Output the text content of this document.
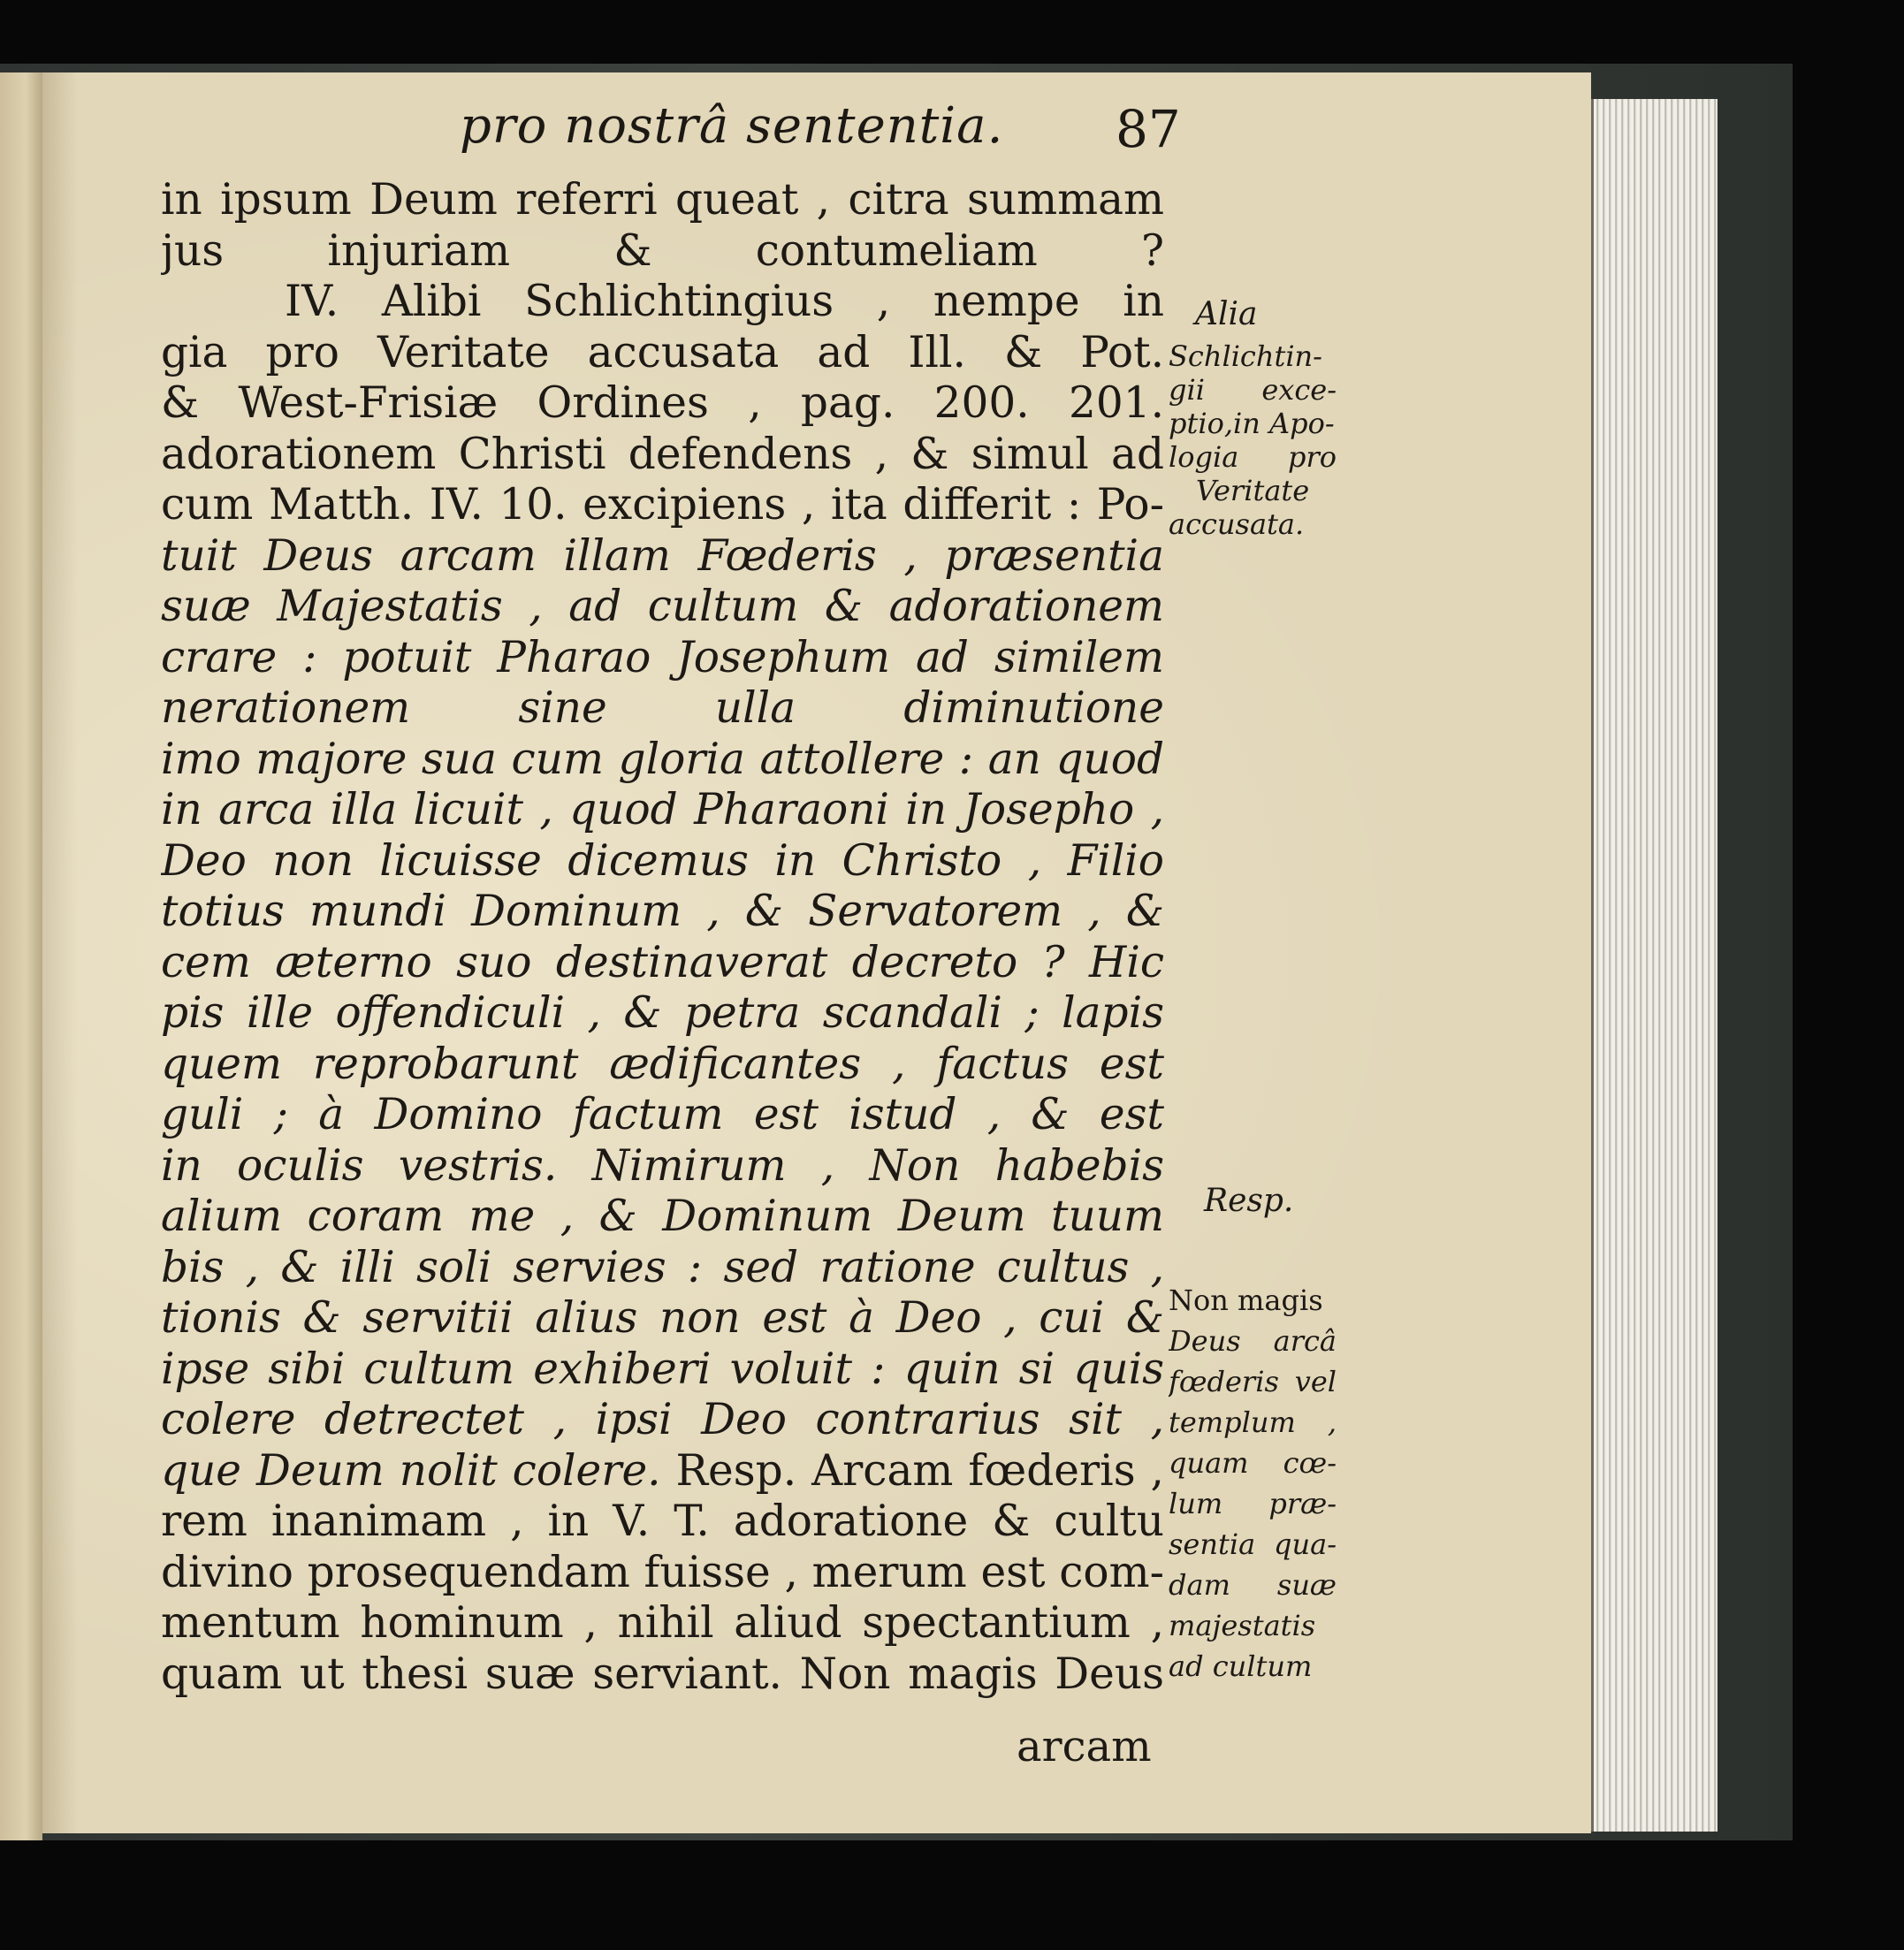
pro nostrâ sententia.	87
in ipsum Deum referri queat , citra summam
jus injuriam & contumeliam ?
IV. Alibi Schlichtingius , nempe in
gia pro Veritate accusata ad Ill. & Pot.
& West-Frisiæ Ordines , pag. 200. 201.
adorationem Christi defendens , & simul ad
cum Matth. IV. 10. excipiens , ita differit : Po-
tuit Deus arcam illam Fœderis , præsentia
suæ Majestatis , ad cultum & adorationem
crare : potuit Pharao Josephum ad similem
nerationem sine ulla diminutione
imo majore sua cum gloria attollere : an quod
in arca illa licuit , quod Pharaoni in Josepho ,
Deo non licuisse dicemus in Christo , Filio
totius mundi Dominum , & Servatorem , &
cem æterno suo destinaverat decreto ? Hic
pis ille offendiculi , & petra scandali ; lapis
quem reprobarunt ædificantes , factus est
guli ; à Domino factum est istud , & est
in oculis vestris. Nimirum , Non habebis
alium coram me , & Dominum Deum tuum
bis , & illi soli servies : sed ratione cultus ,
tionis & servitii alius non est à Deo , cui &
ipse sibi cultum exhiberi voluit : quin si quis
colere detrectet , ipsi Deo contrarius sit ,
que Deum nolit colere. Resp. Arcam fœderis ,
rem inanimam , in V. T. adoratione & cultu
divino prosequendam fuisse , merum est com-
mentum hominum , nihil aliud spectantium ,
quam ut thesi suæ serviant. Non magis Deus
Alia
Schlichtin-
gii exce-
ptio,in Apo-
logia pro
Veritate
accusata.
Resp.
Non magis
Deus arcâ
fœderis vel
templum ,
quam cœ-
lum præ-
sentia qua-
dam suæ
majestatis
ad cultum
arcam
